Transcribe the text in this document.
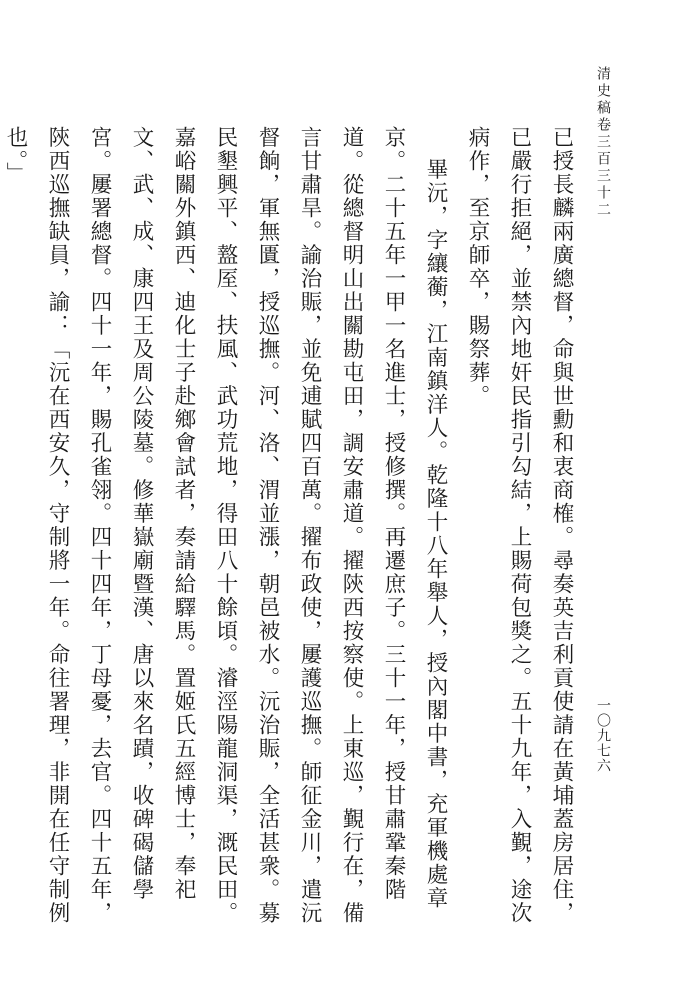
清史稿卷三百三十二
一〇九七六

已授長麟兩廣總督，命與世勳和衷商榷。尋奏英吉利貢使請在黃埔蓋房居住，已嚴行拒絕，並禁內地奸民指引勾結，上賜荷包獎之。五十九年，入覲，途次病作，至京師卒，賜祭葬。

畢沅，字纕蘅，江南鎮洋人。乾隆十八年舉人，授內閣中書，充軍機處章京。二十五年一甲一名進士，授修撰。再遷庶子。三十一年，授甘肅鞏秦階道。從總督明山出關勘屯田，調安肅道。擢陝西按察使。上東巡，覲行在，備言甘肅旱。諭治賑，並免逋賦四百萬。擢布政使，屢護巡撫。師征金川，遣沅督餉，軍無匱，授巡撫。河、洛、渭並漲，朝邑被水。沅治賑，全活甚衆。募民墾興平、盩厔、扶風、武功荒地，得田八十餘頃。濬涇陽龍洞渠，溉民田。嘉峪關外鎮西、迪化士子赴鄉會試者，奏請給驛馬。置姬氏五經博士，奉祀文、武、成、康四王及周公陵墓。修華嶽廟暨漢、唐以來名蹟，收碑碣儲學宮。屢署總督。四十一年，賜孔雀翎。四十四年，丁母憂，去官。四十五年，陝西巡撫缺員，諭：「沅在西安久，守制將一年。命往署理，非開在任守制例也。」
